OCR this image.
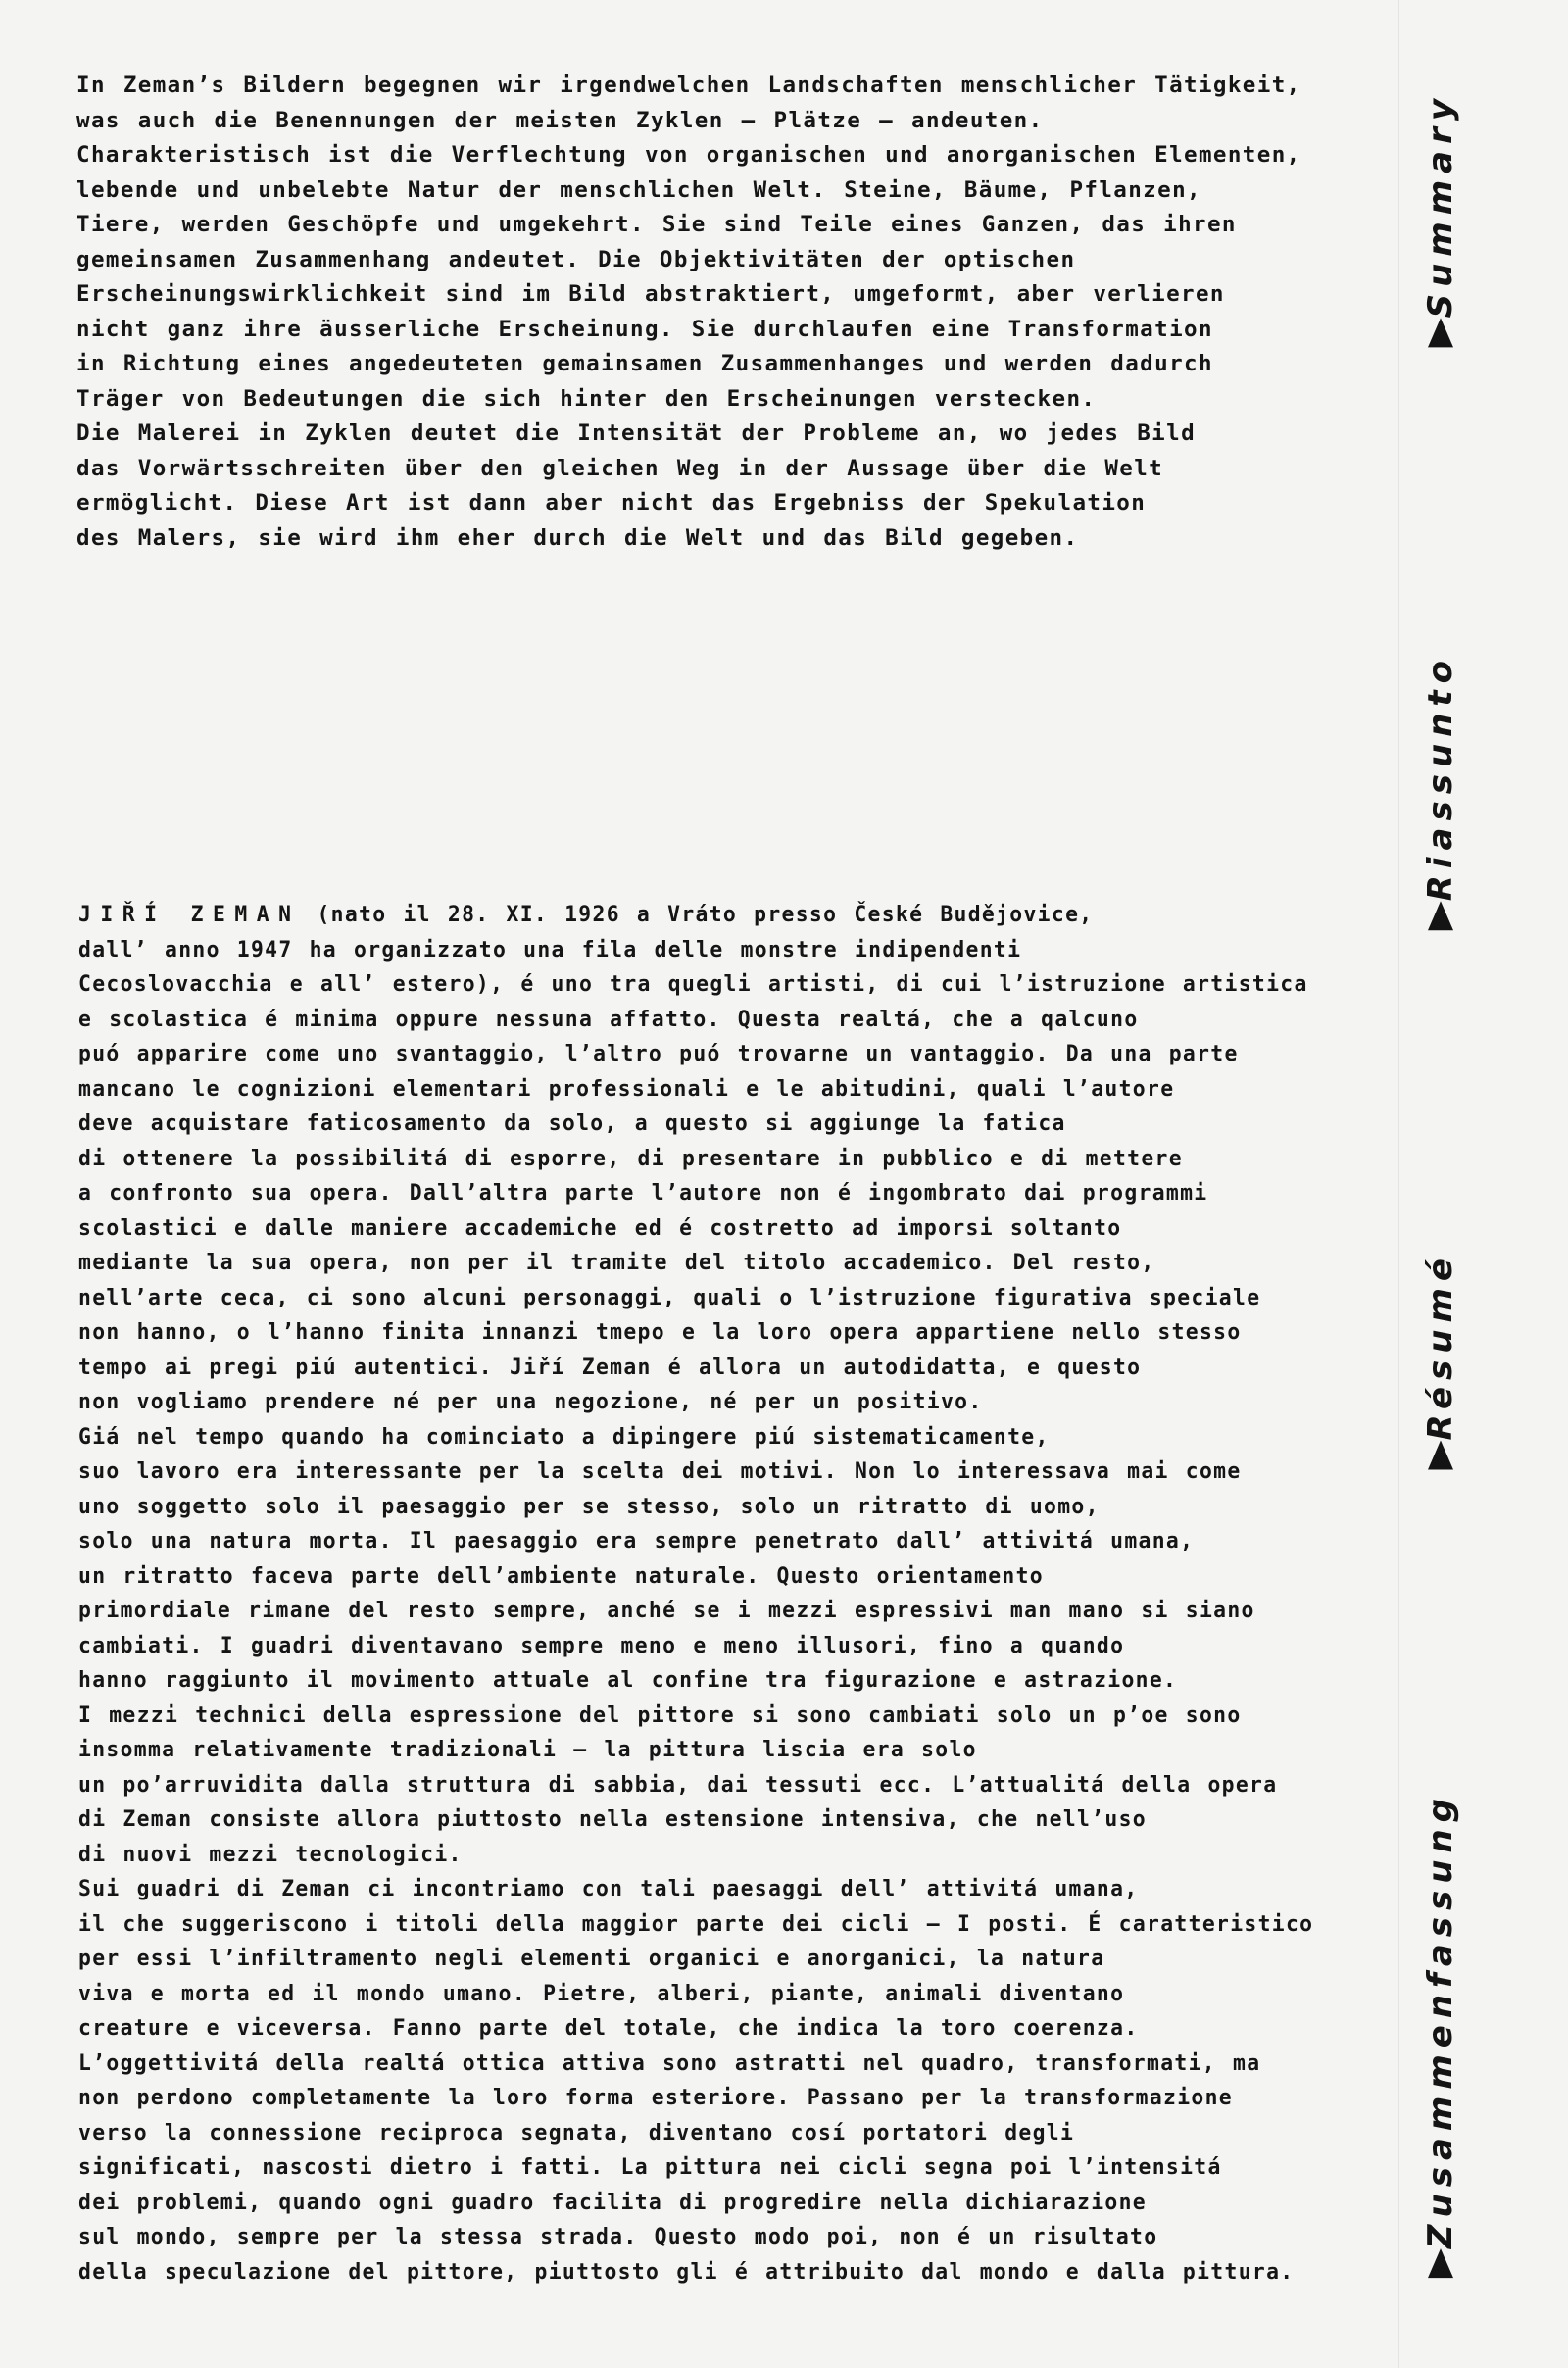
In Zeman’s Bildern begegnen wir irgendwelchen Landschaften menschlicher Tätigkeit,
was auch die Benennungen der meisten Zyklen – Plätze – andeuten.
Charakteristisch ist die Verflechtung von organischen und anorganischen Elementen,
lebende und unbelebte Natur der menschlichen Welt. Steine, Bäume, Pflanzen,
Tiere, werden Geschöpfe und umgekehrt. Sie sind Teile eines Ganzen, das ihren
gemeinsamen Zusammenhang andeutet. Die Objektivitäten der optischen
Erscheinungswirklichkeit sind im Bild abstraktiert, umgeformt, aber verlieren
nicht ganz ihre äusserliche Erscheinung. Sie durchlaufen eine Transformation
in Richtung eines angedeuteten gemainsamen Zusammenhanges und werden dadurch
Träger von Bedeutungen die sich hinter den Erscheinungen verstecken.
Die Malerei in Zyklen deutet die Intensität der Probleme an, wo jedes Bild
das Vorwärtsschreiten über den gleichen Weg in der Aussage über die Welt
ermöglicht. Diese Art ist dann aber nicht das Ergebniss der Spekulation
des Malers, sie wird ihm eher durch die Welt und das Bild gegeben.
JIŘÍ ZEMAN (nato il 28. XI. 1926 a Vráto presso České Budějovice,
dall’ anno 1947 ha organizzato una fila delle monstre indipendenti
Cecoslovacchia e all’ estero), é uno tra quegli artisti, di cui l’istruzione artistica
e scolastica é minima oppure nessuna affatto. Questa realtá, che a qalcuno
puó apparire come uno svantaggio, l’altro puó trovarne un vantaggio. Da una parte
mancano le cognizioni elementari professionali e le abitudini, quali l’autore
deve acquistare faticosamento da solo, a questo si aggiunge la fatica
di ottenere la possibilitá di esporre, di presentare in pubblico e di mettere
a confronto sua opera. Dall’altra parte l’autore non é ingombrato dai programmi
scolastici e dalle maniere accademiche ed é costretto ad imporsi soltanto
mediante la sua opera, non per il tramite del titolo accademico. Del resto,
nell’arte ceca, ci sono alcuni personaggi, quali o l’istruzione figurativa speciale
non hanno, o l’hanno finita innanzi tmepo e la loro opera appartiene nello stesso
tempo ai pregi piú autentici. Jiří Zeman é allora un autodidatta, e questo
non vogliamo prendere né per una negozione, né per un positivo.
Giá nel tempo quando ha cominciato a dipingere piú sistematicamente,
suo lavoro era interessante per la scelta dei motivi. Non lo interessava mai come
uno soggetto solo il paesaggio per se stesso, solo un ritratto di uomo,
solo una natura morta. Il paesaggio era sempre penetrato dall’ attivitá umana,
un ritratto faceva parte dell’ambiente naturale. Questo orientamento
primordiale rimane del resto sempre, anché se i mezzi espressivi man mano si siano
cambiati. I guadri diventavano sempre meno e meno illusori, fino a quando
hanno raggiunto il movimento attuale al confine tra figurazione e astrazione.
I mezzi technici della espressione del pittore si sono cambiati solo un p’oe sono
insomma relativamente tradizionali – la pittura liscia era solo
un po’arruvidita dalla struttura di sabbia, dai tessuti ecc. L’attualitá della opera
di Zeman consiste allora piuttosto nella estensione intensiva, che nell’uso
di nuovi mezzi tecnologici.
Sui guadri di Zeman ci incontriamo con tali paesaggi dell’ attivitá umana,
il che suggeriscono i titoli della maggior parte dei cicli – I posti. É caratteristico
per essi l’infiltramento negli elementi organici e anorganici, la natura
viva e morta ed il mondo umano. Pietre, alberi, piante, animali diventano
creature e viceversa. Fanno parte del totale, che indica la toro coerenza.
L’oggettivitá della realtá ottica attiva sono astratti nel quadro, transformati, ma
non perdono completamente la loro forma esteriore. Passano per la transformazione
verso la connessione reciproca segnata, diventano cosí portatori degli
significati, nascosti dietro i fatti. La pittura nei cicli segna poi l’intensitá
dei problemi, quando ogni guadro facilita di progredire nella dichiarazione
sul mondo, sempre per la stessa strada. Questo modo poi, non é un risultato
della speculazione del pittore, piuttosto gli é attribuito dal mondo e dalla pittura.
Summary
Riassunto
Résumé
Zusammenfassung
